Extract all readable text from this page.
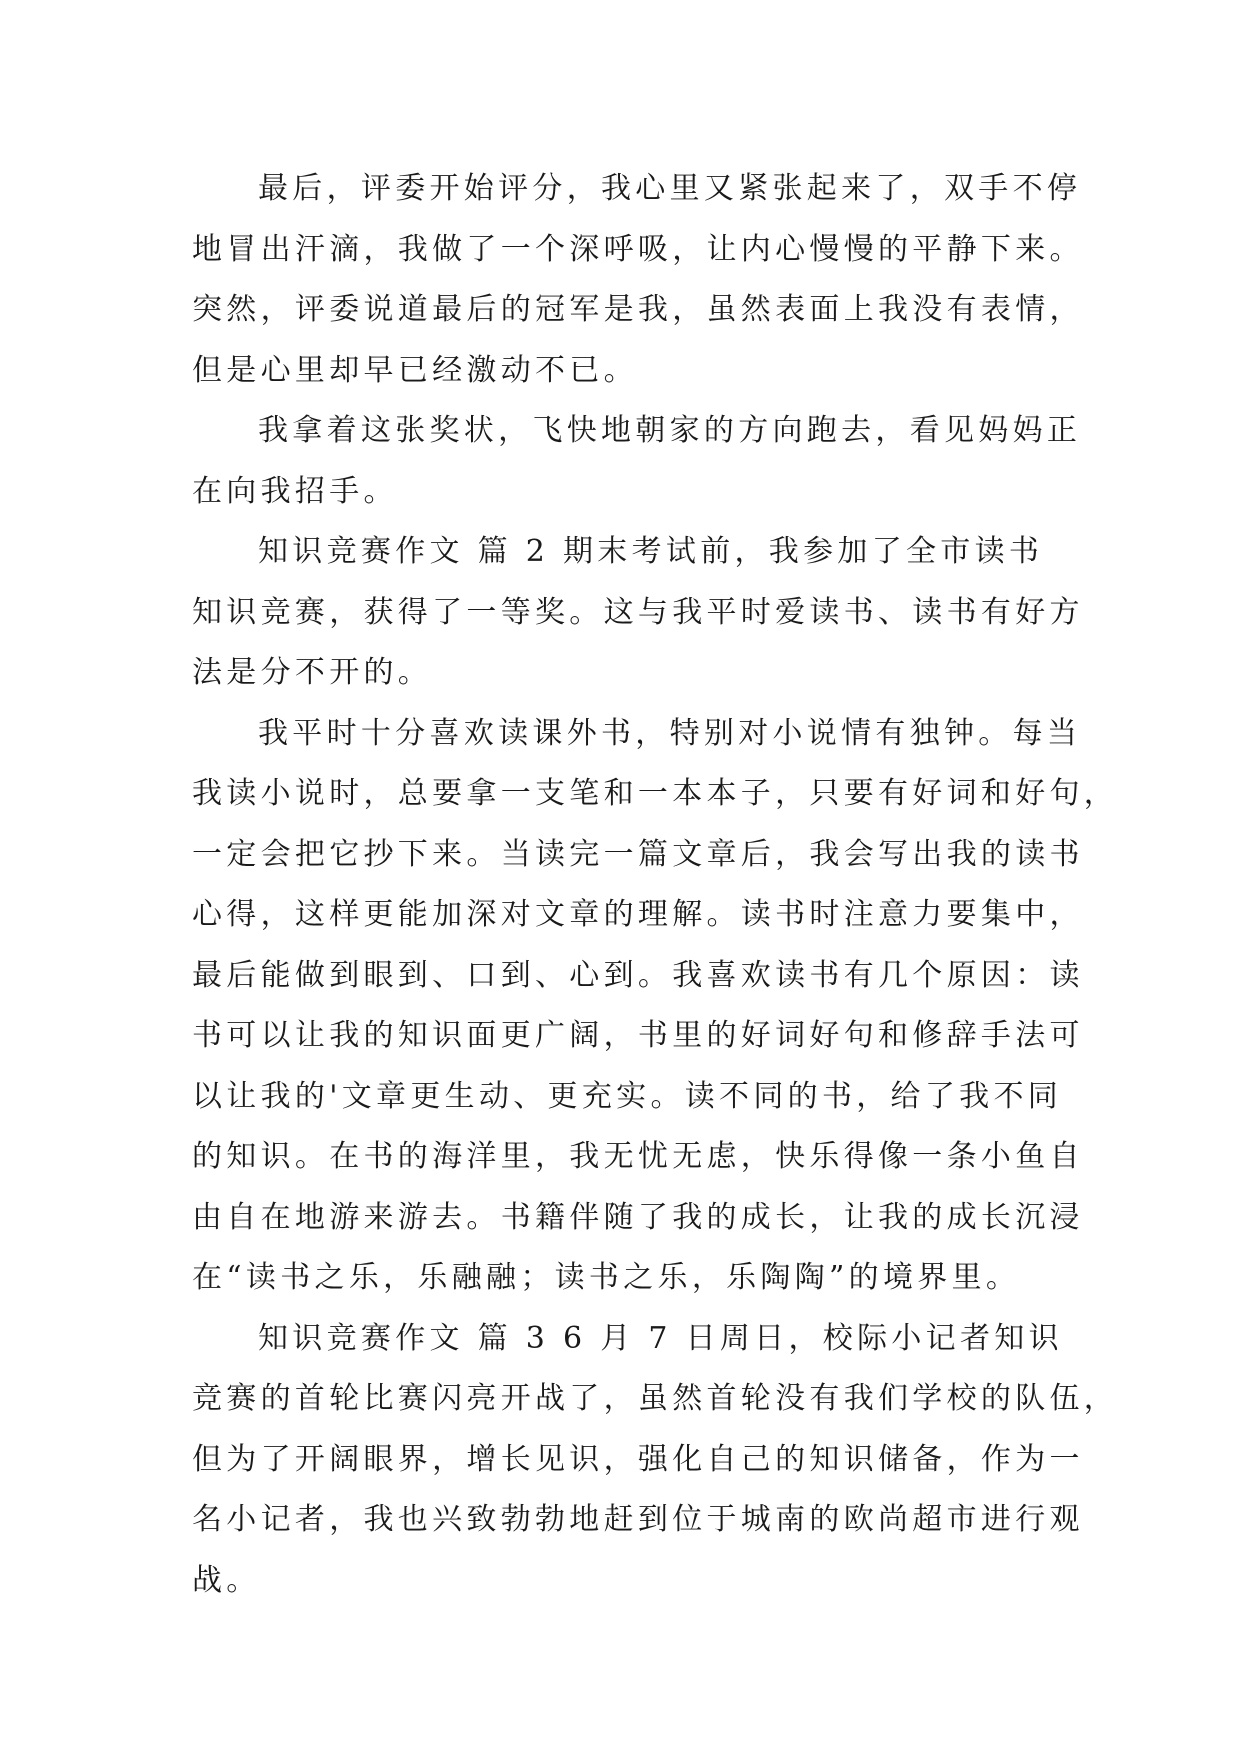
最后，评委开始评分，我心里又紧张起来了，双手不停
地冒出汗滴，我做了一个深呼吸，让内心慢慢的平静下来。
突然，评委说道最后的冠军是我，虽然表面上我没有表情，
但是心里却早已经激动不已。
我拿着这张奖状，飞快地朝家的方向跑去，看见妈妈正
在向我招手。
知识竞赛作文 篇 2 期末考试前，我参加了全市读书
知识竞赛，获得了一等奖。这与我平时爱读书、读书有好方
法是分不开的。
我平时十分喜欢读课外书，特别对小说情有独钟。每当
我读小说时，总要拿一支笔和一本本子，只要有好词和好句，
一定会把它抄下来。当读完一篇文章后，我会写出我的读书
心得，这样更能加深对文章的理解。读书时注意力要集中，
最后能做到眼到、口到、心到。我喜欢读书有几个原因：读
书可以让我的知识面更广阔，书里的好词好句和修辞手法可
以让我的'文章更生动、更充实。读不同的书，给了我不同
的知识。在书的海洋里，我无忧无虑，快乐得像一条小鱼自
由自在地游来游去。书籍伴随了我的成长，让我的成长沉浸
在“读书之乐，乐融融；读书之乐，乐陶陶”的境界里。
知识竞赛作文 篇 3 6 月 7 日周日，校际小记者知识
竞赛的首轮比赛闪亮开战了，虽然首轮没有我们学校的队伍，
但为了开阔眼界，增长见识，强化自己的知识储备，作为一
名小记者，我也兴致勃勃地赶到位于城南的欧尚超市进行观
战。
